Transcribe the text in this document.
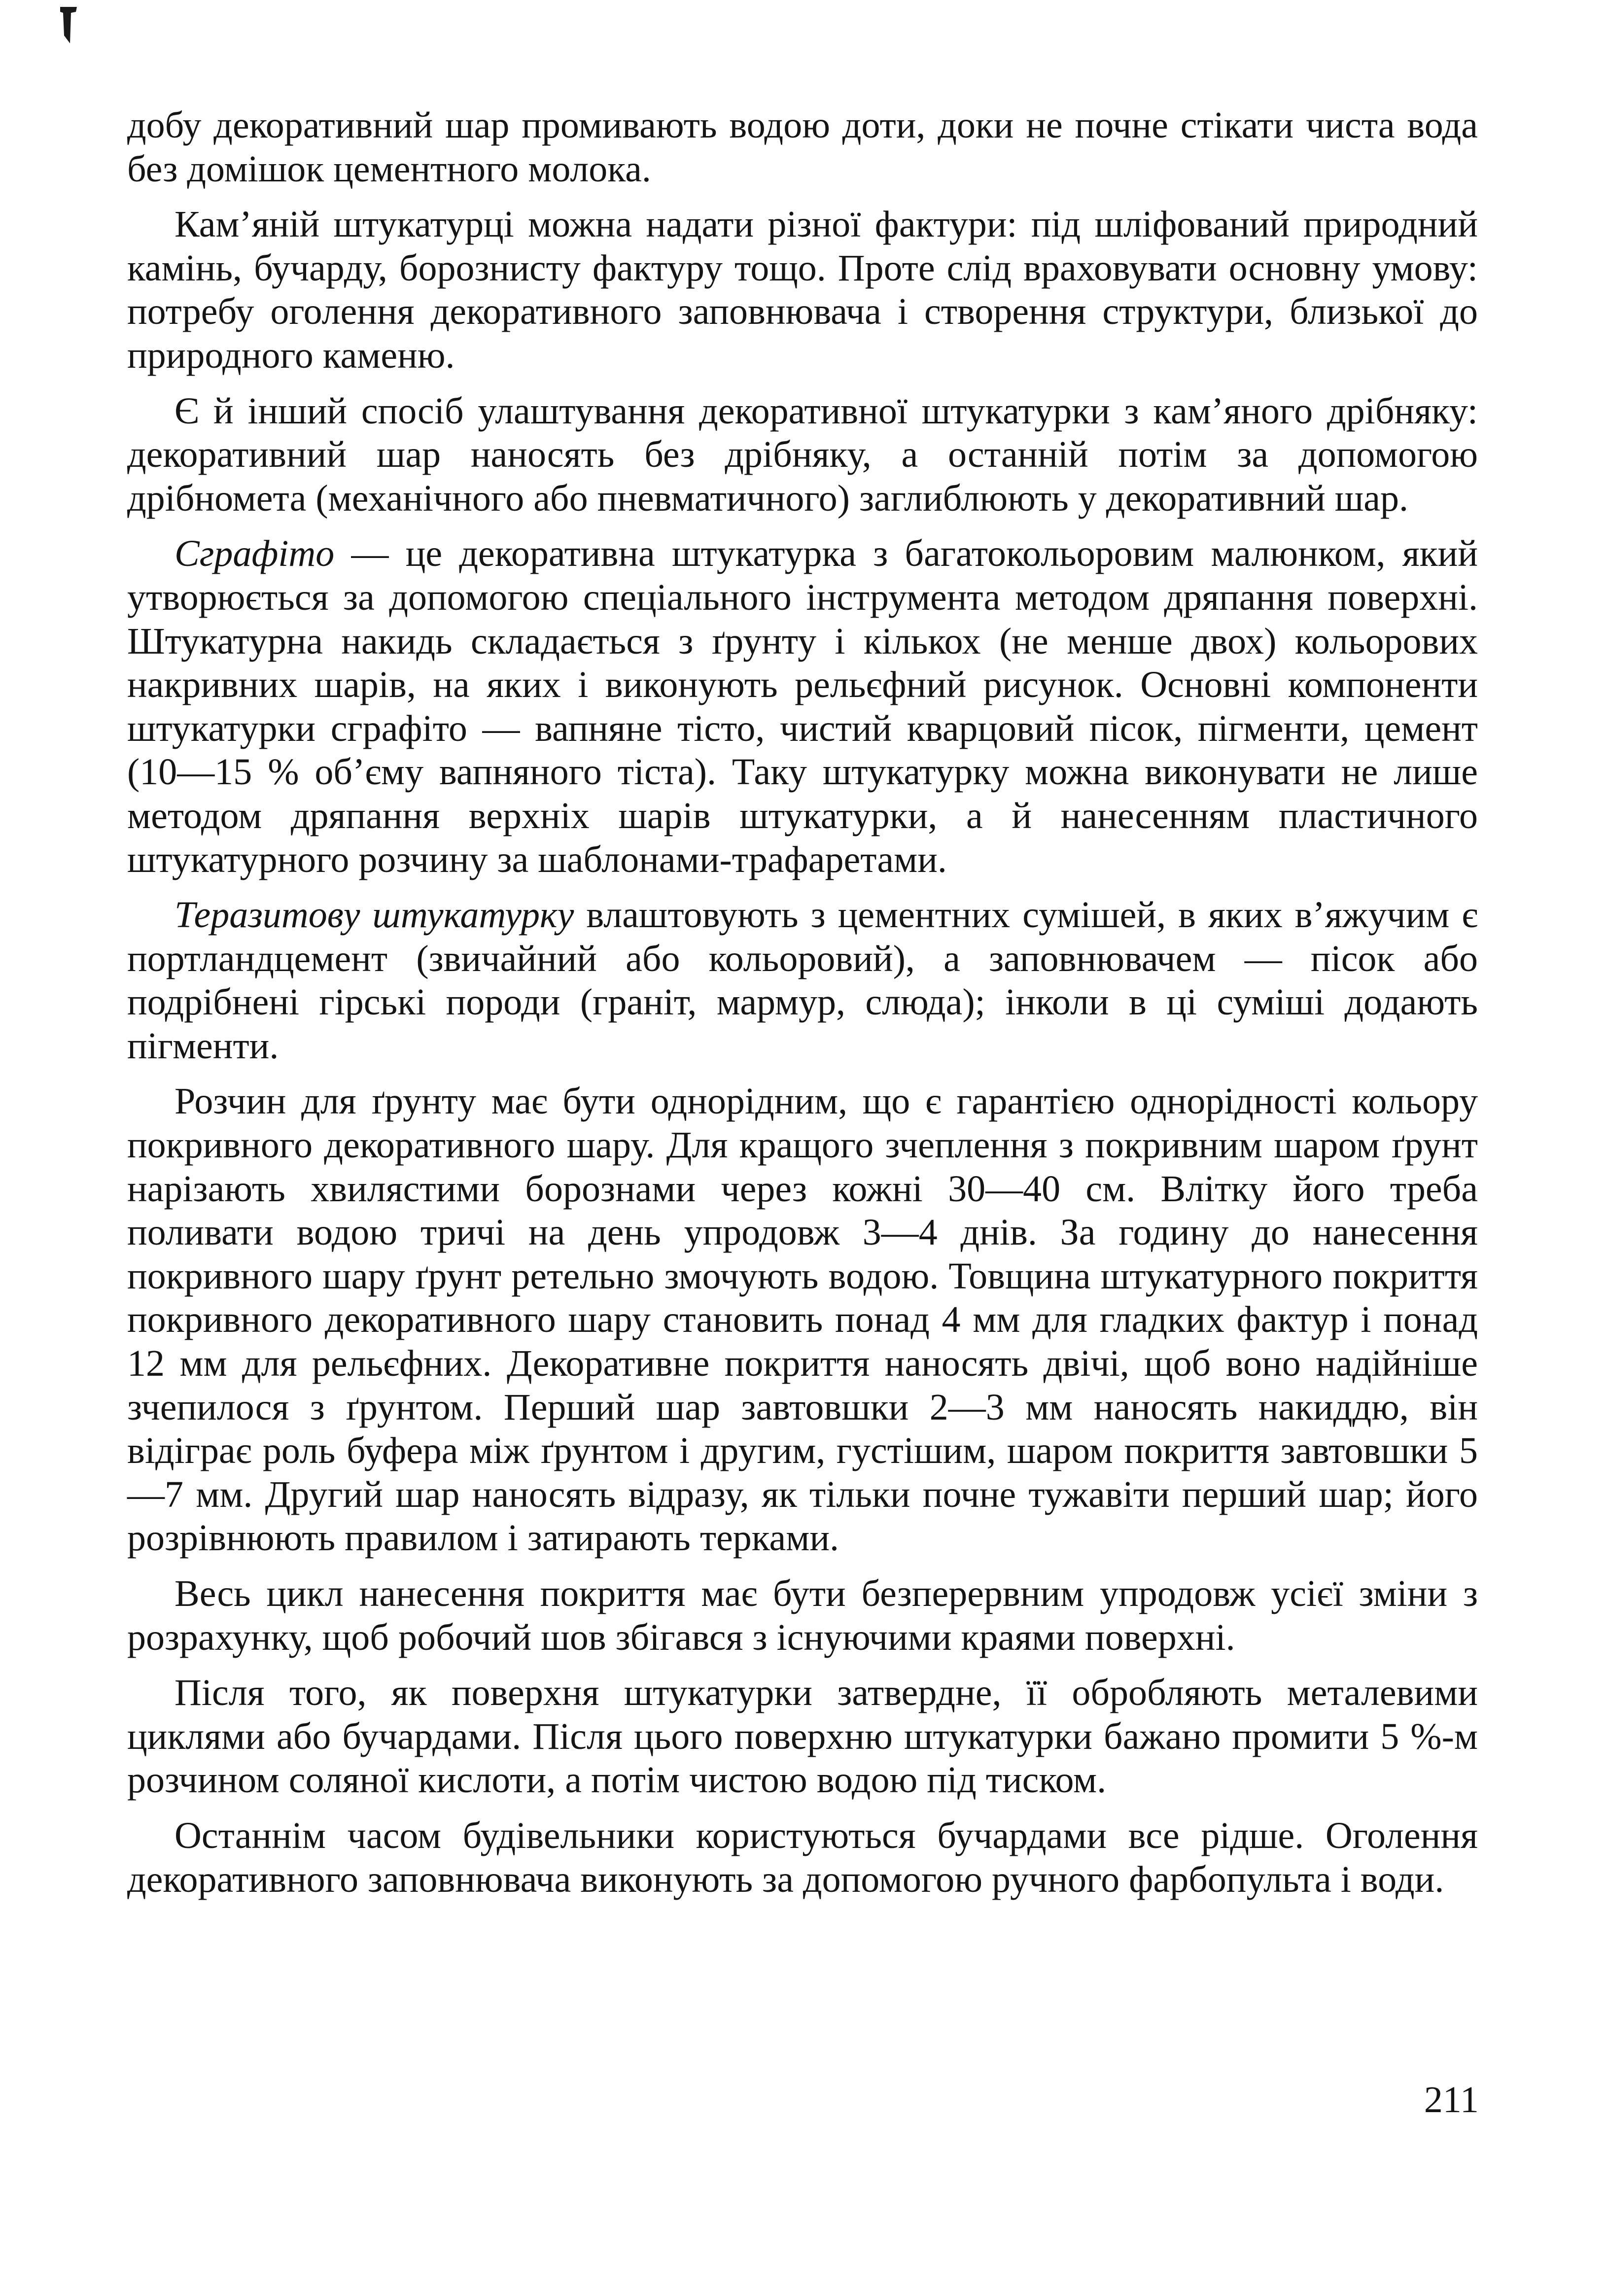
добу декоративний шар промивають водою доти, доки не почне стікати чиста вода без домішок цементного молока.

Кам’яній штукатурці можна надати різної фактури: під шліфований природний камінь, бучарду, борознисту фактуру тощо. Проте слід враховувати основну умову: потребу оголення декоративного заповнювача і створення структури, близької до природного каменю.

Є й інший спосіб улаштування декоративної штукатурки з кам’яного дрібняку: декоративний шар наносять без дрібняку, а останній потім за допомогою дрібномета (механічного або пневматичного) заглиблюють у декоративний шар.

Сграфіто — це декоративна штукатурка з багатокольоровим малюнком, який утворюється за допомогою спеціального інструмента методом дряпання поверхні. Штукатурна накидь складається з ґрунту і кількох (не менше двох) кольорових накривних шарів, на яких і виконують рельєфний рисунок. Основні компоненти штукатурки сграфіто — вапняне тісто, чистий кварцовий пісок, пігменти, цемент (10—15 % об’єму вапняного тіста). Таку штукатурку можна виконувати не лише методом дряпання верхніх шарів штукатурки, а й нанесенням пластичного штукатурного розчину за шаблонами-трафаретами.

Теразитову штукатурку влаштовують з цементних сумішей, в яких в’яжучим є портландцемент (звичайний або кольоровий), а заповнювачем — пісок або подрібнені гірські породи (граніт, мармур, слюда); інколи в ці суміші додають пігменти.

Розчин для ґрунту має бути однорідним, що є гарантією однорідності кольору покривного декоративного шару. Для кращого зчеплення з покривним шаром ґрунт нарізають хвилястими борознами через кожні 30—40 см. Влітку його треба поливати водою тричі на день упродовж 3—4 днів. За годину до нанесення покривного шару ґрунт ретельно змочують водою. Товщина штукатурного покриття покривного декоративного шару становить понад 4 мм для гладких фактур і понад 12 мм для рельєфних. Декоративне покриття наносять двічі, щоб воно надійніше зчепилося з ґрунтом. Перший шар завтовшки 2—3 мм наносять накиддю, він відіграє роль буфера між ґрунтом і другим, густішим, шаром покриття завтовшки 5—7 мм. Другий шар наносять відразу, як тільки почне тужавіти перший шар; його розрівнюють правилом і затирають терками.

Весь цикл нанесення покриття має бути безперервним упродовж усієї зміни з розрахунку, щоб робочий шов збігався з існуючими краями поверхні.

Після того, як поверхня штукатурки затвердне, її обробляють металевими циклями або бучардами. Після цього поверхню штукатурки бажано промити 5 %-м розчином соляної кислоти, а потім чистою водою під тиском.

Останнім часом будівельники користуються бучардами все рідше. Оголення декоративного заповнювача виконують за допомогою ручного фарбопульта і води.

211
